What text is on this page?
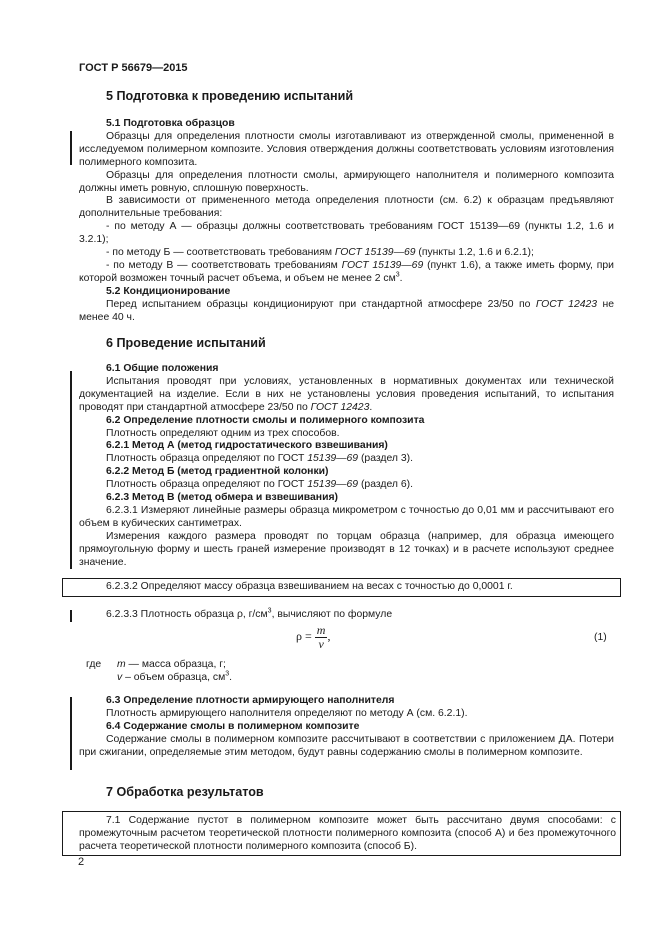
ГОСТ Р 56679—2015
5 Подготовка к проведению испытаний

5.1 Подготовка образцов

Образцы для определения плотности смолы изготавливают из отвержденной смолы, примененной в исследуемом полимерном композите. Условия отверждения должны соответствовать условиям изготовления полимерного композита.

Образцы для определения плотности смолы, армирующего наполнителя и полимерного композита должны иметь ровную, сплошную поверхность.

В зависимости от примененного метода определения плотности (см. 6.2) к образцам предъявляют дополнительные требования:

- по методу А — образцы должны соответствовать требованиям ГОСТ 15139—69 (пункты 1.2, 1.6 и 3.2.1);

- по методу Б — соответствовать требованиям ГОСТ 15139—69 (пункты 1.2, 1.6 и 6.2.1);

- по методу В — соответствовать требованиям ГОСТ 15139—69 (пункт 1.6), а также иметь форму, при которой возможен точный расчет объема, и объем не менее 2 $см^3$.

5.2 Кондиционирование

Перед испытанием образцы кондиционируют при стандартной атмосфере 23/50 по ГОСТ 12423 не менее 40 ч.

6 Проведение испытаний

6.1 Общие положения

Испытания проводят при условиях, установленных в нормативных документах или технической документацией на изделие. Если в них не установлены условия проведения испытаний, то испытания проводят при стандартной атмосфере 23/50 по ГОСТ 12423.

6.2 Определение плотности смолы и полимерного композита

Плотность определяют одним из трех способов.

6.2.1 Метод А (метод гидростатического взвешивания)

Плотность образца определяют по ГОСТ 15139—69 (раздел 3).

6.2.2 Метод Б (метод градиентной колонки)

Плотность образца определяют по ГОСТ 15139—69 (раздел 6).

6.2.3 Метод В (метод обмера и взвешивания)

6.2.3.1 Измеряют линейные размеры образца микрометром с точностью до 0,01 мм и рассчитывают его объем в кубических сантиметрах.

Измерения каждого размера проводят по торцам образца (например, для образца имеющего прямоугольную форму и шесть граней измерение производят в 12 точках) и в расчете используют среднее значение.

6.2.3.2 Определяют массу образца взвешиванием на весах с точностью до 0,0001 г.

6.2.3.3 Плотность образца ρ, $г/см^3$, вычисляют по формуле

$\rho = \frac{m}{v}$ ,	(1)
где m — масса образца, г;
v – объем образца, $см^3$.

6.3 Определение плотности армирующего наполнителя

Плотность армирующего наполнителя определяют по методу А (см. 6.2.1).

6.4 Содержание смолы в полимерном композите

Содержание смолы в полимерном композите рассчитывают в соответствии с приложением ДА. Потери при сжигании, определяемые этим методом, будут равны содержанию смолы в полимерном композите.

7 Обработка результатов

7.1 Содержание пустот в полимерном композите может быть рассчитано двумя способами: с промежуточным расчетом теоретической плотности полимерного композита (способ А) и без промежуточного расчета теоретической плотности полимерного композита (способ Б).

2
